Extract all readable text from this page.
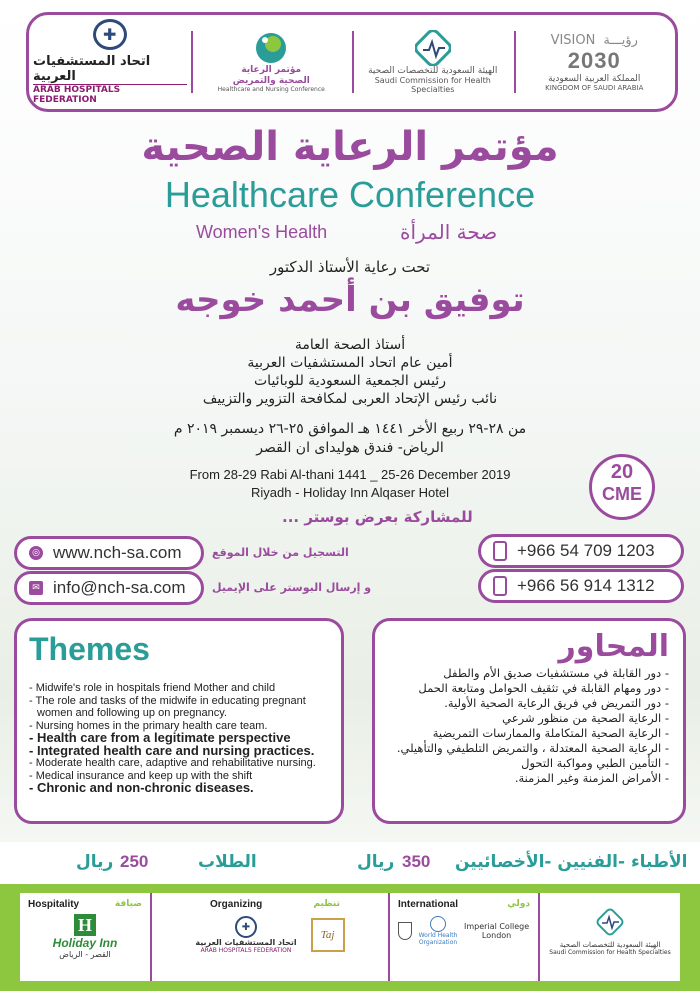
✚
اتحاد المستشفيات العربية
ARAB HOSPITALS FEDERATION
مؤتمر الرعاية
الصحية والتمريض
Healthcare and Nursing Conference
الهيئة السعودية للتخصصات الصحية
Saudi Commission for Health Specialties
VISION رؤيـــة
2030
المملكة العربية السعودية
KINGDOM OF SAUDI ARABIA
مؤتمر الرعاية الصحية
Healthcare Conference
Women's Health	صحة المرأة
تحت رعاية الأستاذ الدكتور
توفيق بن أحمد خوجه
أستاذ الصحة العامة
أمين عام اتحاد المستشفيات العربية
رئيس الجمعية السعودية للوبائيات
نائب رئيس الإتحاد العربى لمكافحة التزوير والتزييف
من ٢٨-٢٩ ربيع الأخر ١٤٤١ هـ الموافق ٢٥-٢٦ ديسمبر ٢٠١٩ م
الرياض- فندق هوليداى ان القصر
From 28-29 Rabi Al-thani 1441 _ 25-26 December 2019
Riyadh - Holiday Inn Alqaser Hotel
20
CME
للمشاركة بعرض بوستر ...
◎ www.nch-sa.com	التسجيل من خلال الموقع
✉ info@nch-sa.com و إرسال البوستر على الإيميل
+966 54 709 1203
+966 56 914 1312
Themes
- Midwife's role in hospitals friend Mother and child
- The role and tasks of the midwife in educating pregnant women and following up on pregnancy.
- Nursing homes in the primary health care team.
- Health care from a legitimate perspective
- Integrated health care and nursing practices.
- Moderate health care, adaptive and rehabilitative nursing.
- Medical insurance and keep up with the shift
- Chronic and non-chronic diseases.
المحاور
- دور القابلة في مستشفيات صديق الأم والطفل
- دور ومهام القابلة في تثقيف الحوامل ومتابعة الحمل
- دور التمريض في فريق الرعاية الصحية الأولية.
- الرعاية الصحية من منظور شرعي
- الرعاية الصحية المتكاملة والممارسات التمريضية
- الرعاية الصحية المعتدلة ، والتمريض التلطيفي والتأهيلي.
- التأمين الطبي ومواكبة التحول
- الأمراض المزمنة وغير المزمنة.
الأطباء -الفنيين -الأخصائيين
350
ريال
الطلاب
250
ريال
Hospitality	ضيافة
H
Holiday Inn
القصر - الرياض
Organizing	تنظيم
✚
اتحاد المستشفيات العربية
ARAB HOSPITALS FEDERATION
Taj
International	دولي
World Health Organization
Imperial College
London
الهيئة السعودية للتخصصات الصحية
Saudi Commission for Health Specialties
